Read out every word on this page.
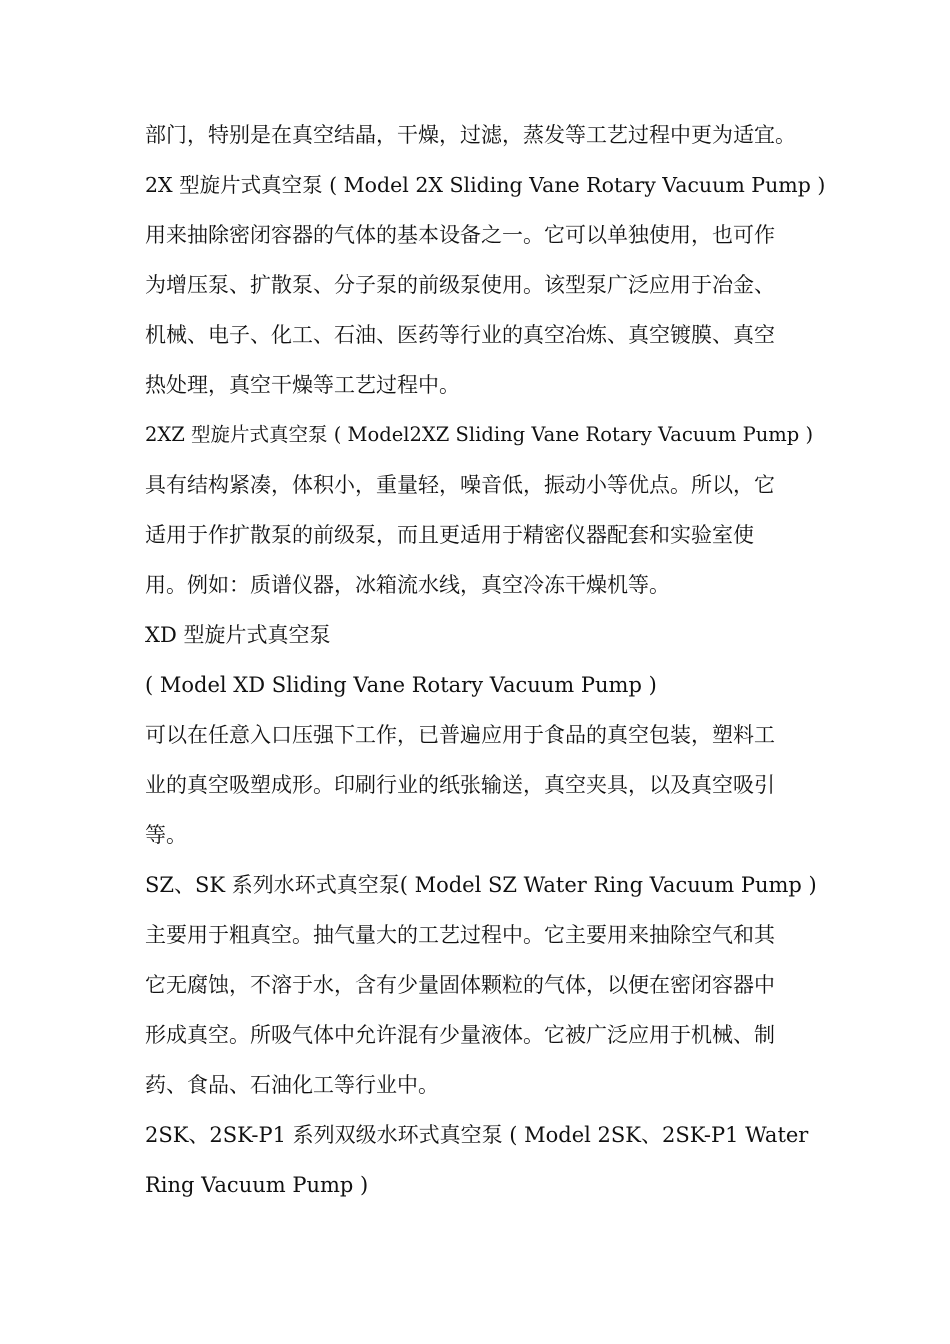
部门，特别是在真空结晶，干燥，过滤，蒸发等工艺过程中更为适宜。
2X 型旋片式真空泵 ( Model 2X Sliding Vane Rotary Vacuum Pump )
用来抽除密闭容器的气体的基本设备之一。它可以单独使用，也可作
为增压泵、扩散泵、分子泵的前级泵使用。该型泵广泛应用于冶金、
机械、电子、化工、石油、医药等行业的真空冶炼、真空镀膜、真空
热处理，真空干燥等工艺过程中。
2XZ 型旋片式真空泵 ( Model2XZ Sliding Vane Rotary Vacuum Pump )
具有结构紧凑，体积小，重量轻，噪音低，振动小等优点。所以，它
适用于作扩散泵的前级泵，而且更适用于精密仪器配套和实验室使
用。例如：质谱仪器，冰箱流水线，真空冷冻干燥机等。
XD 型旋片式真空泵
( Model XD Sliding Vane Rotary Vacuum Pump )
可以在任意入口压强下工作，已普遍应用于食品的真空包装，塑料工
业的真空吸塑成形。印刷行业的纸张输送，真空夹具，以及真空吸引
等。
SZ、SK 系列水环式真空泵( Model SZ Water Ring Vacuum Pump )
主要用于粗真空。抽气量大的工艺过程中。它主要用来抽除空气和其
它无腐蚀，不溶于水，含有少量固体颗粒的气体，以便在密闭容器中
形成真空。所吸气体中允许混有少量液体。它被广泛应用于机械、制
药、食品、石油化工等行业中。
2SK、2SK-P1 系列双级水环式真空泵 ( Model 2SK、2SK-P1 Water
Ring Vacuum Pump )
